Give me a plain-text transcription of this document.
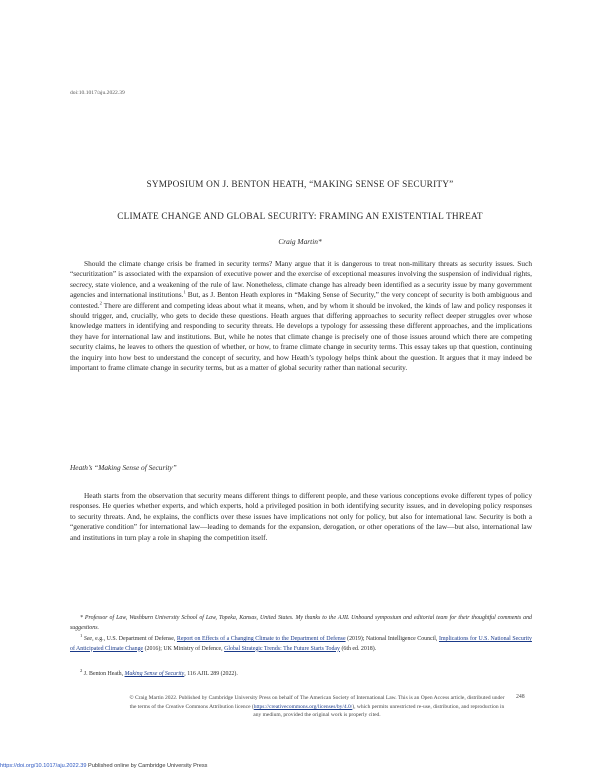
doi:10.1017/aju.2022.39
SYMPOSIUM ON J. BENTON HEATH, “MAKING SENSE OF SECURITY”
CLIMATE CHANGE AND GLOBAL SECURITY: FRAMING AN EXISTENTIAL THREAT
Craig Martin*

Should the climate change crisis be framed in security terms? Many argue that it is dangerous to treat non-military threats as security issues. Such “securitization” is associated with the expansion of executive power and the exercise of exceptional measures involving the suspension of individual rights, secrecy, state violence, and a weakening of the rule of law. Nonetheless, climate change has already been identified as a security issue by many government agencies and international institutions.$^1$ But, as J. Benton Heath explores in “Making Sense of Security,” the very concept of security is both ambiguous and contested.$^2$ There are different and competing ideas about what it means, when, and by whom it should be invoked, the kinds of law and policy responses it should trigger, and, crucially, who gets to decide these questions. Heath argues that differing approaches to security reflect deeper struggles over whose knowledge matters in identifying and responding to security threats. He develops a typology for assessing these different approaches, and the implications they have for international law and institutions. But, while he notes that climate change is precisely one of those issues around which there are competing security claims, he leaves to others the question of whether, or how, to frame climate change in security terms. This essay takes up that question, continuing the inquiry into how best to understand the concept of security, and how Heath’s typology helps think about the question. It argues that it may indeed be important to frame climate change in security terms, but as a matter of global security rather than national security.

Heath’s “Making Sense of Security”

Heath starts from the observation that security means different things to different people, and these various conceptions evoke different types of policy responses. He queries whether experts, and which experts, hold a privileged position in both identifying security issues, and in developing policy responses to security threats. And, he explains, the conflicts over these issues have implications not only for policy, but also for international law. Security is both a “generative condition” for international law—leading to demands for the expansion, derogation, or other operations of the law—but also, international law and institutions in turn play a role in shaping the competition itself.

* Professor of Law, Washburn University School of Law, Topeka, Kansas, United States. My thanks to the AJIL Unbound symposium and editorial team for their thoughtful comments and suggestions.

$^1$ See, e.g., U.S. Department of Defense, Report on Effects of a Changing Climate to the Department of Defense (2019); National Intelligence Council, Implications for U.S. National Security of Anticipated Climate Change (2016); UK Ministry of Defence, Global Strategic Trends: The Future Starts Today (6th ed. 2018).

$^2$ J. Benton Heath, Making Sense of Security, 116 AJIL 289 (2022).

© Craig Martin 2022. Published by Cambridge University Press on behalf of The American Society of International Law. This is an Open Access article, distributed under the terms of the Creative Commons Attribution licence (https://creativecommons.org/licenses/by/4.0/), which permits unrestricted re-use, distribution, and reproduction in any medium, provided the original work is properly cited.

248
https://doi.org/10.1017/aju.2022.39 Published online by Cambridge University Press
